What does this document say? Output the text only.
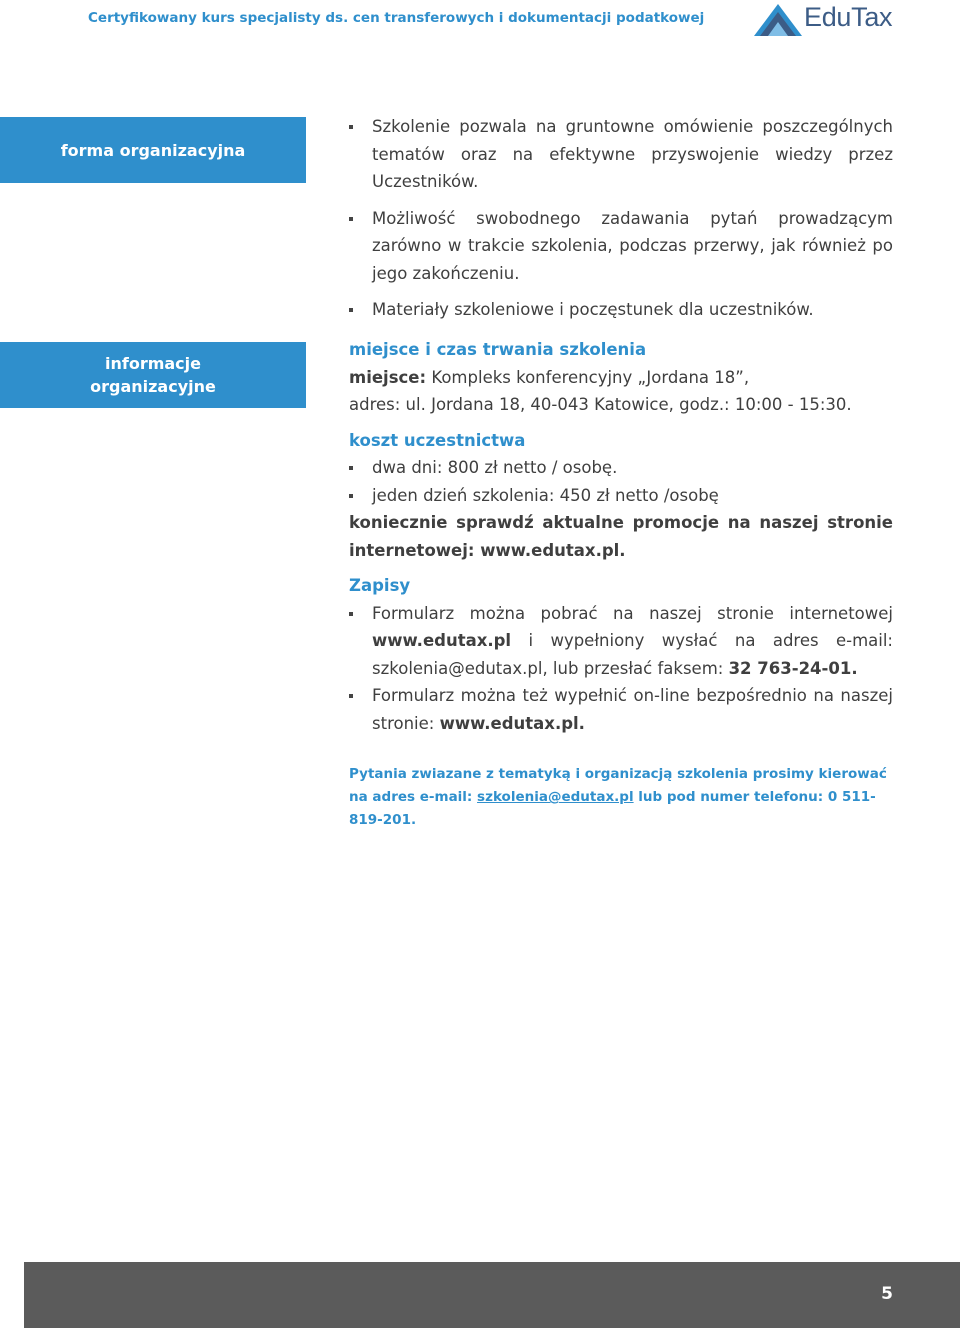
Certyfikowany kurs specjalisty ds. cen transferowych i dokumentacji podatkowej	EduTax
forma organizacyjna
Szkolenie pozwala na gruntowne omówienie poszczególnych tematów oraz na efektywne przyswojenie wiedzy przez Uczestników.
Możliwość swobodnego zadawania pytań prowadzącym zarówno w trakcie szkolenia, podczas przerwy, jak również po jego zakończeniu.
Materiały szkoleniowe i poczęstunek dla uczestników.
informacje
organizacyjne
miejsce i czas trwania szkolenia
miejsce: Kompleks konferencyjny „Jordana 18”,
adres: ul. Jordana 18, 40-043 Katowice, godz.: 10:00 - 15:30.
koszt uczestnictwa
dwa dni: 800 zł netto / osobę.
jeden dzień szkolenia: 450 zł netto /osobę
koniecznie sprawdź aktualne promocje na naszej stronie internetowej: www.edutax.pl.
Zapisy
Formularz można pobrać na naszej stronie internetowej www.edutax.pl i wypełniony wysłać na adres e-mail: szkolenia@edutax.pl, lub przesłać faksem: 32 763-24-01.
Formularz można też wypełnić on-line bezpośrednio na naszej stronie: www.edutax.pl.
Pytania zwiazane z tematyką i organizacją szkolenia prosimy kierować na adres e-mail: szkolenia@edutax.pl lub pod numer telefonu: 0 511-819-201.
5
